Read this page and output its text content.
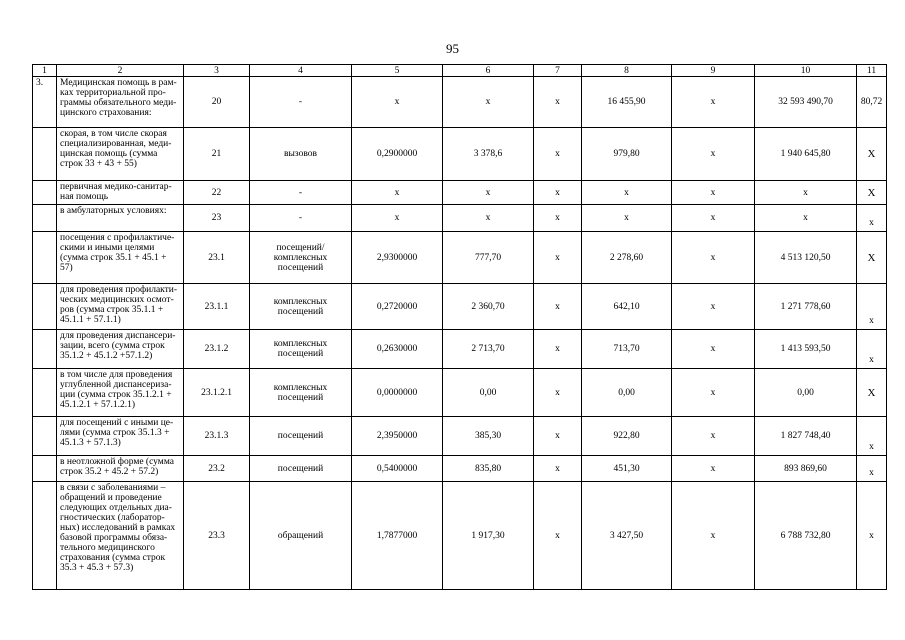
95
1	2	3	4	5	6	7	8	9	10	11
3.	Медицинская помощь в рам-ках территориальной про-граммы обязательного меди-цинского страхования:	20	-	х	х	х	16 455,90	х	32 593 490,70	80,72
	скорая, в том числе скорая специализированная, меди-цинская помощь (сумма строк 33 + 43 + 55)	21	вызовов	0,2900000	3 378,6	х	979,80	х	1 940 645,80	X
	первичная медико-санитар-ная помощь	22	-	х	х	х	х	х	х	X
	в амбулаторных условиях:	23	-	х	х	х	х	х	х	х
	посещения с профилактиче-скими и иными целями (сумма строк 35.1 + 45.1 + 57)	23.1	посещений/ комплексных посещений	2,9300000	777,70	х	2 278,60	х	4 513 120,50	X
	для проведения профилакти-ческих медицинских осмот-ров (сумма строк 35.1.1 + 45.1.1 + 57.1.1)	23.1.1	комплексных посещений	0,2720000	2 360,70	х	642,10	х	1 271 778,60	х
	для проведения диспансери-зации, всего (сумма строк 35.1.2 + 45.1.2 +57.1.2)	23.1.2	комплексных посещений	0,2630000	2 713,70	х	713,70	х	1 413 593,50	х
	в том числе для проведения углубленной диспансериза-ции (сумма строк 35.1.2.1 + 45.1.2.1 + 57.1.2.1)	23.1.2.1	комплексных посещений	0,0000000	0,00	х	0,00	х	0,00	X
	для посещений с иными це-лями (сумма строк 35.1.3 + 45.1.3 + 57.1.3)	23.1.3	посещений	2,3950000	385,30	х	922,80	х	1 827 748,40	х
	в неотложной форме (сумма строк 35.2 + 45.2 + 57.2)	23.2	посещений	0,5400000	835,80	х	451,30	х	893 869,60	х
	в связи с заболеваниями – обращений и проведение следующих отдельных диа-гностических (лаборатор-ных) исследований в рамках базовой программы обяза-тельного медицинского страхования (сумма строк 35.3 + 45.3 + 57.3)	23.3	обращений	1,7877000	1 917,30	х	3 427,50	х	6 788 732,80	х
